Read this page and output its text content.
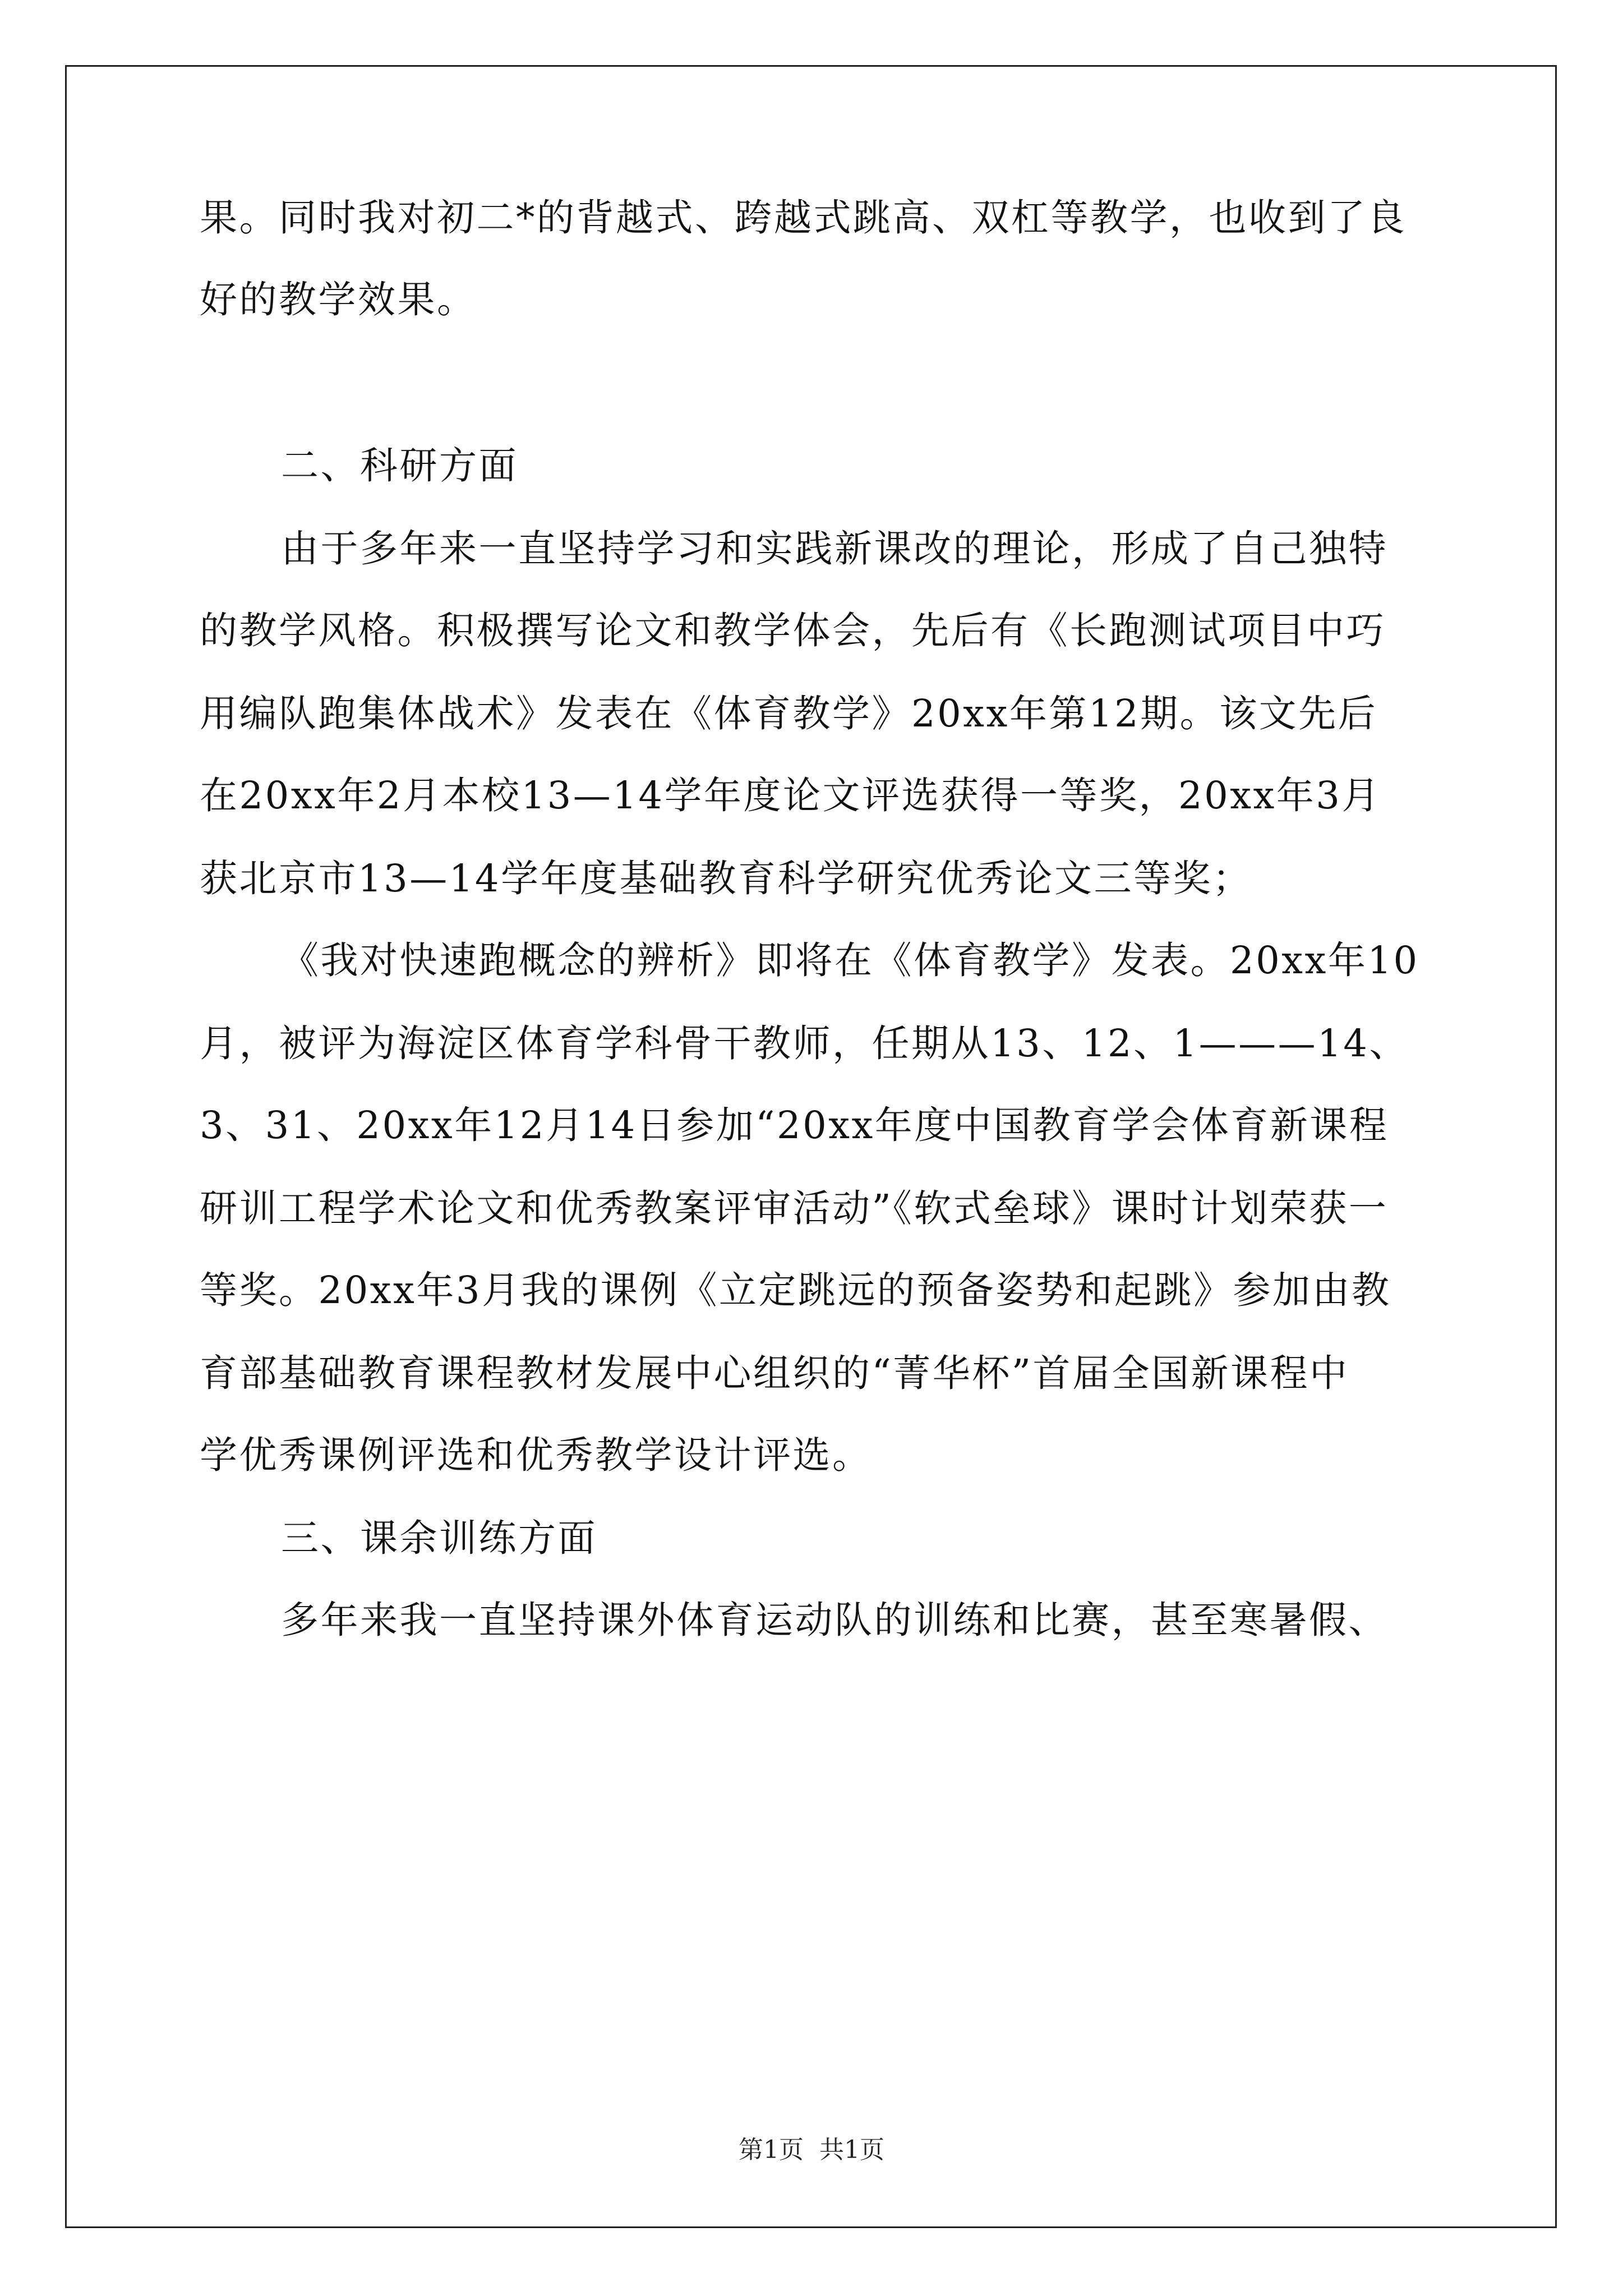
果。同时我对初二*的背越式、跨越式跳高、双杠等教学，也收到了良
好的教学效果。
二、科研方面
由于多年来一直坚持学习和实践新课改的理论，形成了自己独特
的教学风格。积极撰写论文和教学体会，先后有《长跑测试项目中巧
用编队跑集体战术》发表在《体育教学》20xx年第12期。该文先后
在20xx年2月本校13—14学年度论文评选获得一等奖，20xx年3月
获北京市13—14学年度基础教育科学研究优秀论文三等奖；
《我对快速跑概念的辨析》即将在《体育教学》发表。20xx年10
月，被评为海淀区体育学科骨干教师，任期从13、12、1———14、
3、31、20xx年12月14日参加“20xx年度中国教育学会体育新课程
研训工程学术论文和优秀教案评审活动”《软式垒球》课时计划荣获一
等奖。20xx年3月我的课例《立定跳远的预备姿势和起跳》参加由教
育部基础教育课程教材发展中心组织的“菁华杯”首届全国新课程中
学优秀课例评选和优秀教学设计评选。
三、课余训练方面
多年来我一直坚持课外体育运动队的训练和比赛，甚至寒暑假、
第1页  共1页
